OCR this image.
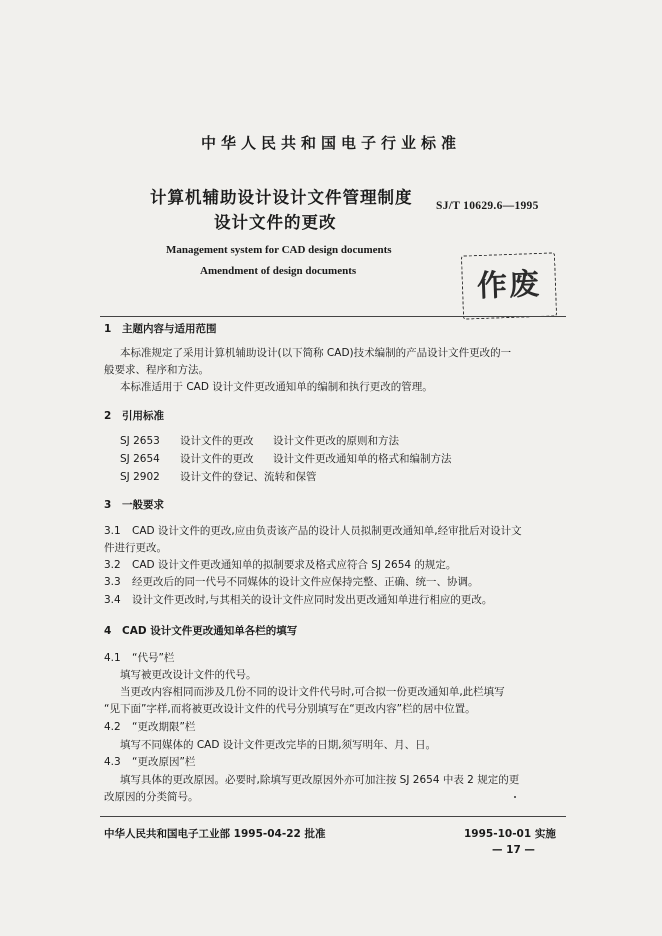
中华人民共和国电子行业标准
计算机辅助设计设计文件管理制度
设计文件的更改
SJ/T 10629.6—1995
Management system for CAD design documents
Amendment of design documents	作废
1 主题内容与适用范围
本标准规定了采用计算机辅助设计(以下简称 CAD)技术编制的产品设计文件更改的一
般要求、程序和方法。
本标准适用于 CAD 设计文件更改通知单的编制和执行更改的管理。
2 引用标准
SJ 2653 设计文件的更改 设计文件更改的原则和方法
SJ 2654 设计文件的更改 设计文件更改通知单的格式和编制方法
SJ 2902 设计文件的登记、流转和保管
3 一般要求
3.1 CAD 设计文件的更改,应由负责该产品的设计人员拟制更改通知单,经审批后对设计文
件进行更改。
3.2 CAD 设计文件更改通知单的拟制要求及格式应符合 SJ 2654 的规定。
3.3 经更改后的同一代号不同媒体的设计文件应保持完整、正确、统一、协调。
3.4 设计文件更改时,与其相关的设计文件应同时发出更改通知单进行相应的更改。
4 CAD 设计文件更改通知单各栏的填写
4.1 “代号”栏
填写被更改设计文件的代号。
当更改内容相同而涉及几份不同的设计文件代号时,可合拟一份更改通知单,此栏填写
“见下面”字样,而将被更改设计文件的代号分别填写在“更改内容”栏的居中位置。
4.2 “更改期限”栏
填写不同媒体的 CAD 设计文件更改完毕的日期,须写明年、月、日。
4.3 “更改原因”栏
填写具体的更改原因。必要时,除填写更改原因外亦可加注按 SJ 2654 中表 2 规定的更
改原因的分类简号。
中华人民共和国电子工业部 1995-04-22 批准	1995-10-01 实施
— 17 —
